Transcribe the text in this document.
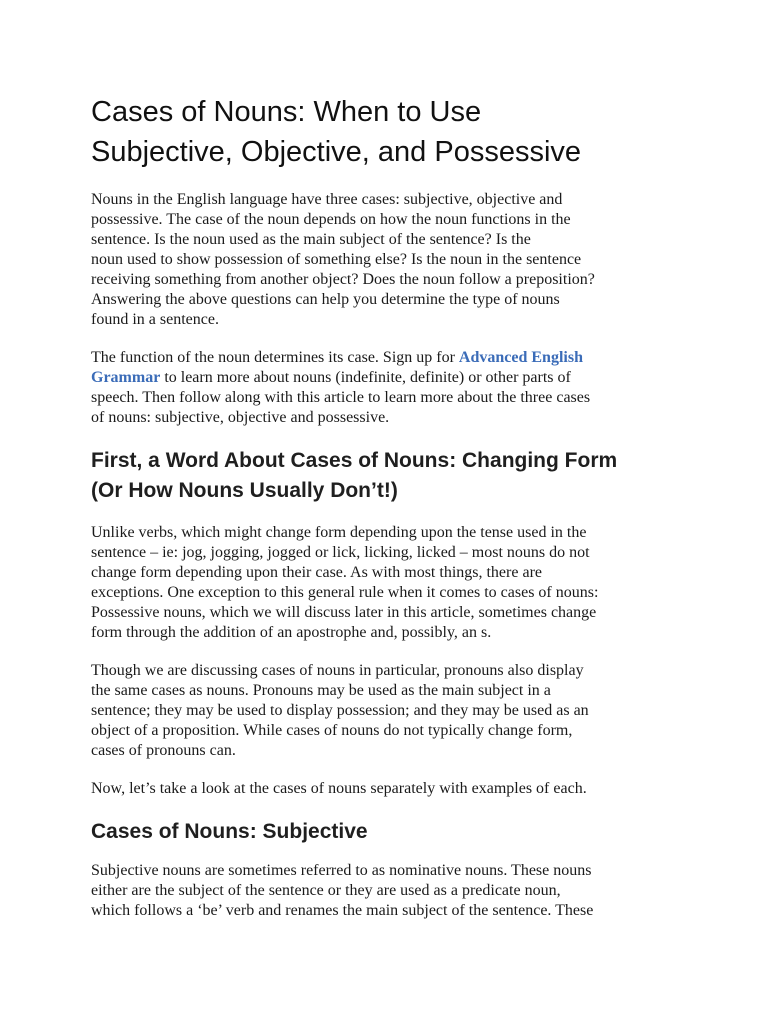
Cases of Nouns: When to Use
Subjective, Objective, and Possessive

Nouns in the English language have three cases: subjective, objective and
possessive. The case of the noun depends on how the noun functions in the
sentence. Is the noun used as the main subject of the sentence? Is the
noun used to show possession of something else? Is the noun in the sentence
receiving something from another object? Does the noun follow a preposition?
Answering the above questions can help you determine the type of nouns
found in a sentence.

The function of the noun determines its case. Sign up for Advanced English
Grammar to learn more about nouns (indefinite, definite) or other parts of
speech. Then follow along with this article to learn more about the three cases
of nouns: subjective, objective and possessive.

First, a Word About Cases of Nouns: Changing Form
(Or How Nouns Usually Don’t!)

Unlike verbs, which might change form depending upon the tense used in the
sentence – ie: jog, jogging, jogged or lick, licking, licked – most nouns do not
change form depending upon their case. As with most things, there are
exceptions. One exception to this general rule when it comes to cases of nouns:
Possessive nouns, which we will discuss later in this article, sometimes change
form through the addition of an apostrophe and, possibly, an s.

Though we are discussing cases of nouns in particular, pronouns also display
the same cases as nouns. Pronouns may be used as the main subject in a
sentence; they may be used to display possession; and they may be used as an
object of a proposition. While cases of nouns do not typically change form,
cases of pronouns can.

Now, let’s take a look at the cases of nouns separately with examples of each.

Cases of Nouns: Subjective

Subjective nouns are sometimes referred to as nominative nouns. These nouns
either are the subject of the sentence or they are used as a predicate noun,
which follows a ‘be’ verb and renames the main subject of the sentence. These
